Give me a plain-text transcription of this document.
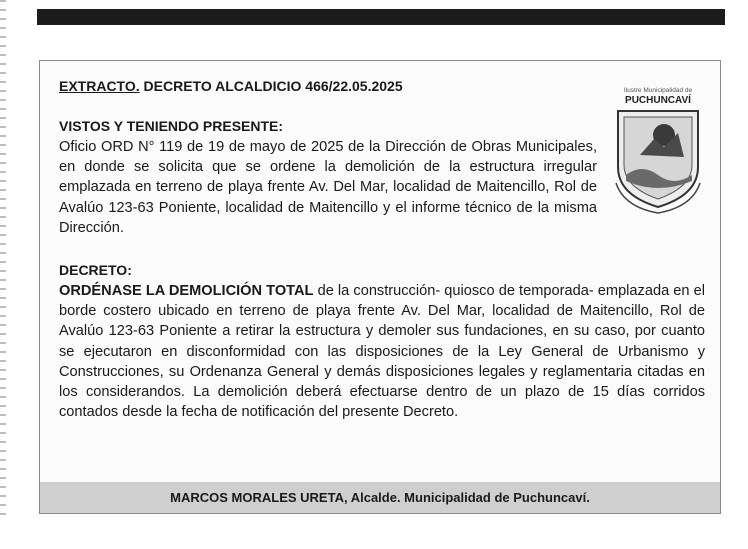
EXTRACTO. DECRETO ALCALDICIO 466/22.05.2025

VISTOS Y TENIENDO PRESENTE:

Oficio ORD N° 119 de 19 de mayo de 2025 de la Dirección de Obras Municipales, en donde se solicita que se ordene la demolición de la estructura irregular emplazada en terreno de playa frente Av. Del Mar, localidad de Maitencillo, Rol de Avalúo 123-63 Poniente, localidad de Maitencillo y el informe técnico de la misma Dirección.

DECRETO:

ORDÉNASE LA DEMOLICIÓN TOTAL de la construcción- quiosco de temporada- emplazada en el borde costero ubicado en terreno de playa frente Av. Del Mar, localidad de Maitencillo, Rol de Avalúo 123-63 Poniente a retirar la estructura y demoler sus fundaciones, en su caso, por cuanto se ejecutaron en disconformidad con las disposiciones de la Ley General de Urbanismo y Construcciones, su Ordenanza General y demás disposiciones legales y reglamentaria citadas en los considerandos. La demolición deberá efectuarse dentro de un plazo de 15 días corridos contados desde la fecha de notificación del presente Decreto.

Ilustre Municipalidad de
PUCHUNCAVÍ
MARCOS MORALES URETA, Alcalde. Municipalidad de Puchuncaví.
